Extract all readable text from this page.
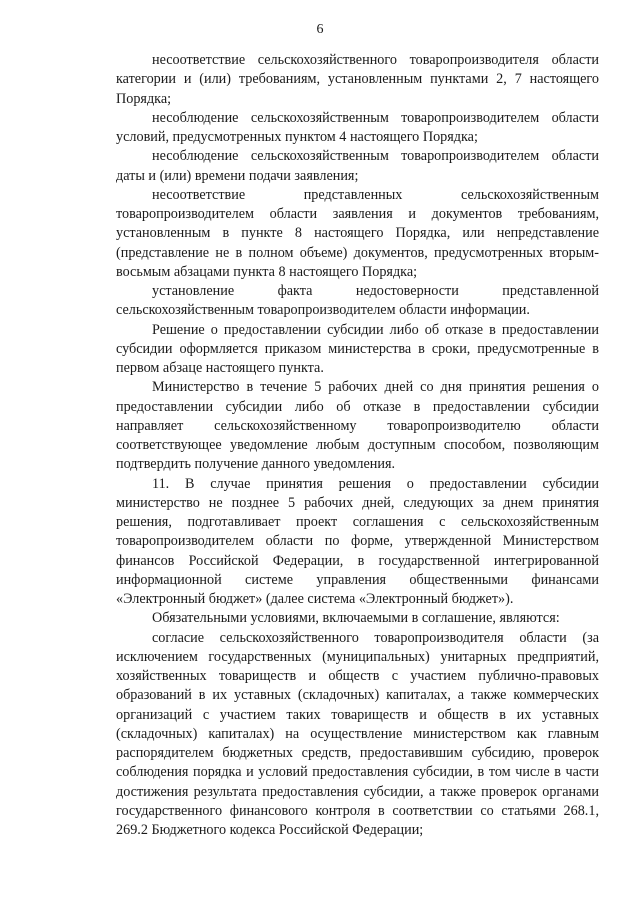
6

несоответствие сельскохозяйственного товаропроизводителя области категории и (или) требованиям, установленным пунктами 2, 7 настоящего Порядка;

несоблюдение сельскохозяйственным товаропроизводителем области условий, предусмотренных пунктом 4 настоящего Порядка;

несоблюдение сельскохозяйственным товаропроизводителем области даты и (или) времени подачи заявления;

несоответствие представленных сельскохозяйственным товаропроизводителем области заявления и документов требованиям, установленным в пункте 8 настоящего Порядка, или непредставление (представление не в полном объеме) документов, предусмотренных вторым-восьмым абзацами пункта 8 настоящего Порядка;

установление факта недостоверности представленной сельскохозяйственным товаропроизводителем области информации.

Решение о предоставлении субсидии либо об отказе в предоставлении субсидии оформляется приказом министерства в сроки, предусмотренные в первом абзаце настоящего пункта.

Министерство в течение 5 рабочих дней со дня принятия решения о предоставлении субсидии либо об отказе в предоставлении субсидии направляет сельскохозяйственному товаропроизводителю области соответствующее уведомление любым доступным способом, позволяющим подтвердить получение данного уведомления.

11. В случае принятия решения о предоставлении субсидии министерство не позднее 5 рабочих дней, следующих за днем принятия решения, подготавливает проект соглашения с сельскохозяйственным товаропроизводителем области по форме, утвержденной Министерством финансов Российской Федерации, в государственной интегрированной информационной системе управления общественными финансами «Электронный бюджет» (далее система «Электронный бюджет»).

Обязательными условиями, включаемыми в соглашение, являются:

согласие сельскохозяйственного товаропроизводителя области (за исключением государственных (муниципальных) унитарных предприятий, хозяйственных товариществ и обществ с участием публично-правовых образований в их уставных (складочных) капиталах, а также коммерческих организаций с участием таких товариществ и обществ в их уставных (складочных) капиталах) на осуществление министерством как главным распорядителем бюджетных средств, предоставившим субсидию, проверок соблюдения порядка и условий предоставления субсидии, в том числе в части достижения результата предоставления субсидии, а также проверок органами государственного финансового контроля в соответствии со статьями 268.1, 269.2 Бюджетного кодекса Российской Федерации;
